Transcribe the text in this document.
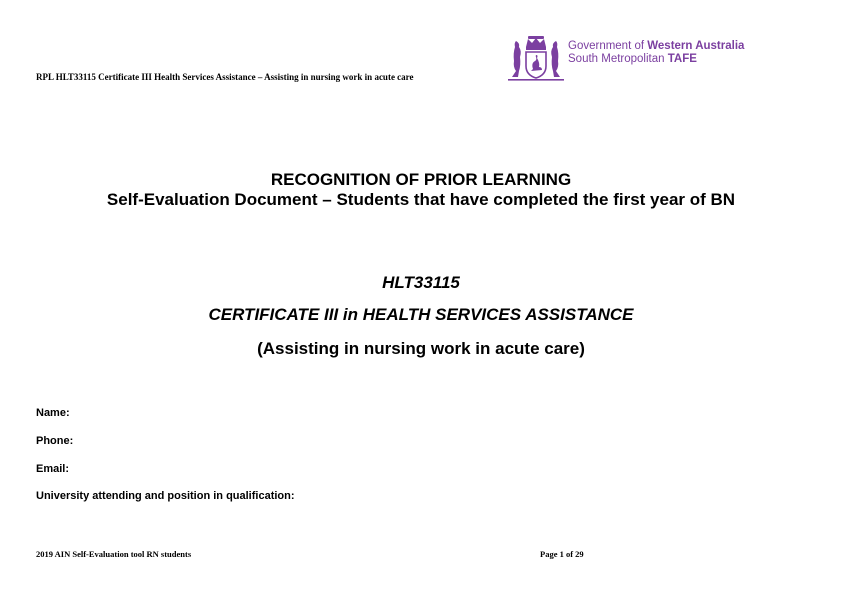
RPL HLT33115 Certificate III Health Services Assistance – Assisting in nursing work in acute care
Government of Western Australia
South Metropolitan TAFE
RECOGNITION OF PRIOR LEARNING
Self-Evaluation Document – Students that have completed the first year of BN
HLT33115
CERTIFICATE III in HEALTH SERVICES ASSISTANCE
(Assisting in nursing work in acute care)
Name:
Phone:
Email:
University attending and position in qualification:
2019 AIN Self-Evaluation tool RN students	Page 1 of 29
